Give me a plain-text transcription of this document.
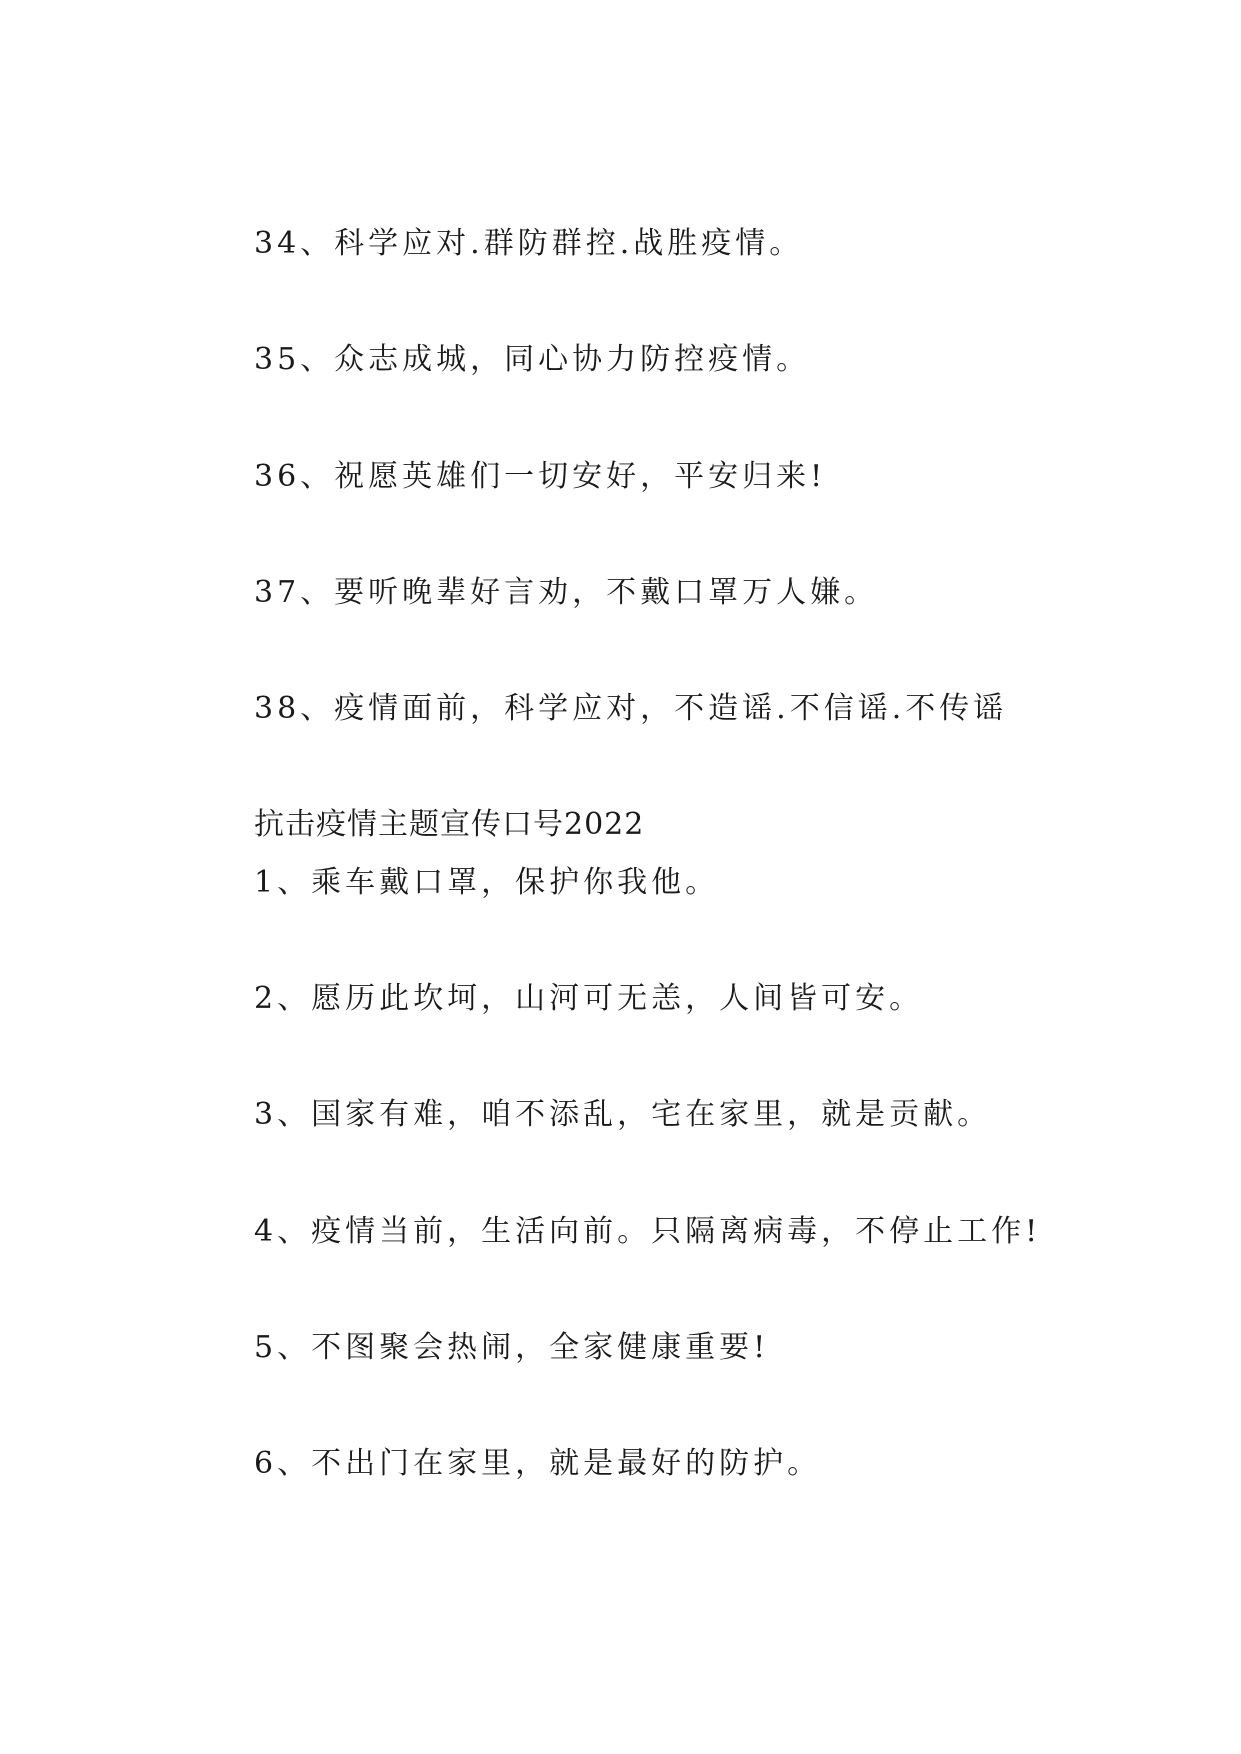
34、科学应对.群防群控.战胜疫情。
35、众志成城，同心协力防控疫情。
36、祝愿英雄们一切安好，平安归来!
37、要听晚辈好言劝，不戴口罩万人嫌。
38、疫情面前，科学应对，不造谣.不信谣.不传谣
抗击疫情主题宣传口号2022
1、乘车戴口罩，保护你我他。
2、愿历此坎坷，山河可无恙，人间皆可安。
3、国家有难，咱不添乱，宅在家里，就是贡献。
4、疫情当前，生活向前。只隔离病毒，不停止工作!
5、不图聚会热闹，全家健康重要!
6、不出门在家里，就是最好的防护。
